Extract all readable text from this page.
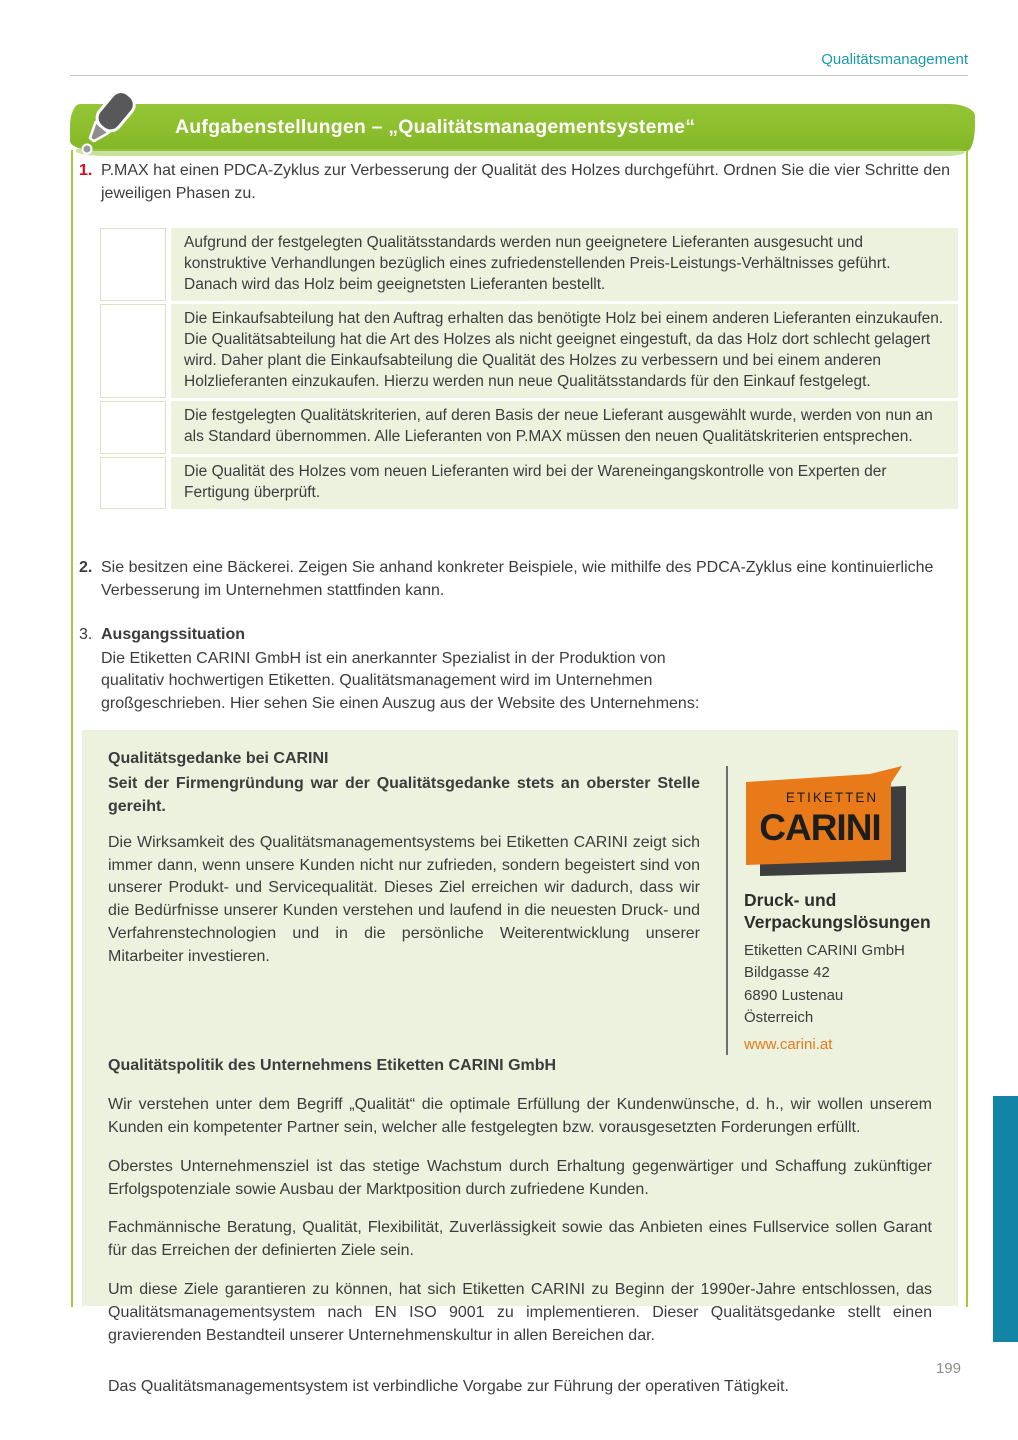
Qualitätsmanagement
Aufgabenstellungen – „Qualitätsmanagementsysteme“
1. P.MAX hat einen PDCA-Zyklus zur Verbesserung der Qualität des Holzes durchgeführt. Ordnen Sie die vier Schritte den jeweiligen Phasen zu.
Aufgrund der festgelegten Qualitätsstandards werden nun geeignetere Lieferanten ausgesucht und konstruktive Verhandlungen bezüglich eines zufriedenstellenden Preis-Leistungs-Verhältnisses geführt. Danach wird das Holz beim geeignetsten Lieferanten bestellt.
Die Einkaufsabteilung hat den Auftrag erhalten das benötigte Holz bei einem anderen Lieferanten einzukaufen. Die Qualitätsabteilung hat die Art des Holzes als nicht geeignet eingestuft, da das Holz dort schlecht gelagert wird. Daher plant die Einkaufsabteilung die Qualität des Holzes zu verbessern und bei einem anderen Holzlieferanten einzukaufen. Hierzu werden nun neue Qualitätsstandards für den Einkauf festgelegt.
Die festgelegten Qualitätskriterien, auf deren Basis der neue Lieferant ausgewählt wurde, werden von nun an als Standard übernommen. Alle Lieferanten von P.MAX müssen den neuen Qualitätskriterien entsprechen.
Die Qualität des Holzes vom neuen Lieferanten wird bei der Wareneingangskontrolle von Experten der Fertigung überprüft.
2. Sie besitzen eine Bäckerei. Zeigen Sie anhand konkreter Beispiele, wie mithilfe des PDCA-Zyklus eine kontinuierliche Verbesserung im Unternehmen stattfinden kann.
3. Ausgangssituation
Die Etiketten CARINI GmbH ist ein anerkannter Spezialist in der Produktion von qualitativ hochwertigen Etiketten. Qualitätsmanagement wird im Unternehmen großgeschrieben. Hier sehen Sie einen Auszug aus der Website des Unternehmens:

Qualitätsgedanke bei CARINI

Seit der Firmengründung war der Qualitätsgedanke stets an oberster Stelle gereiht.

Die Wirksamkeit des Qualitätsmanagementsystems bei Etiketten CARINI zeigt sich immer dann, wenn unsere Kunden nicht nur zufrieden, sondern begeistert sind von unserer Produkt- und Servicequalität. Dieses Ziel erreichen wir dadurch, dass wir die Bedürfnisse unserer Kunden verstehen und laufend in die neuesten Druck- und Verfahrenstechnologien und in die persönliche Weiterentwicklung unserer Mitarbeiter investieren.

ETIKETTEN
CARINI
Druck- und
Verpackungslösungen
Etiketten CARINI GmbH
Bildgasse 42
6890 Lustenau
Österreich
www.carini.at

Qualitätspolitik des Unternehmens Etiketten CARINI GmbH

Wir verstehen unter dem Begriff „Qualität“ die optimale Erfüllung der Kundenwünsche, d. h., wir wollen unserem Kunden ein kompetenter Partner sein, welcher alle festgelegten bzw. vorausgesetzten Forderungen erfüllt.

Oberstes Unternehmensziel ist das stetige Wachstum durch Erhaltung gegenwärtiger und Schaffung zukünftiger Erfolgspotenziale sowie Ausbau der Marktposition durch zufriedene Kunden.

Fachmännische Beratung, Qualität, Flexibilität, Zuverlässigkeit sowie das Anbieten eines Fullservice sollen Garant für das Erreichen der definierten Ziele sein.

Um diese Ziele garantieren zu können, hat sich Etiketten CARINI zu Beginn der 1990er-Jahre entschlossen, das Qualitätsmanagementsystem nach EN ISO 9001 zu implementieren. Dieser Qualitätsgedanke stellt einen gravierenden Bestandteil unserer Unternehmenskultur in allen Bereichen dar.

Das Qualitätsmanagementsystem ist verbindliche Vorgabe zur Führung der operativen Tätigkeit.

199
